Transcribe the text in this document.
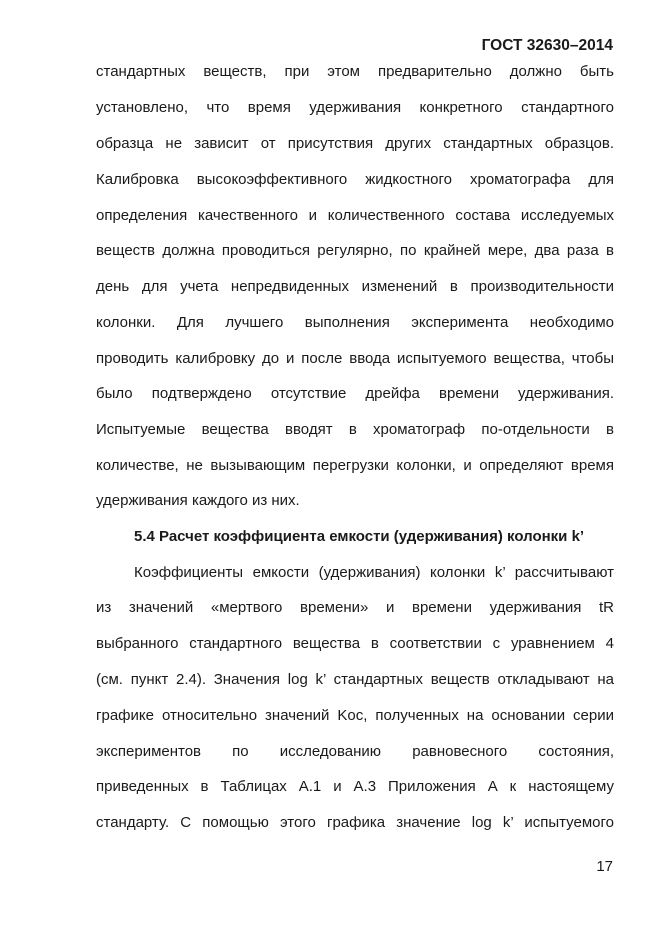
ГОСТ 32630–2014
стандартных веществ, при этом предварительно должно быть
установлено, что время удерживания конкретного стандартного
образца не зависит от присутствия других стандартных образцов.
Калибровка высокоэффективного жидкостного хроматографа для
определения качественного и количественного состава исследуемых
веществ должна проводиться регулярно, по крайней мере, два раза в
день для учета непредвиденных изменений в производительности
колонки. Для лучшего выполнения эксперимента необходимо
проводить калибровку до и после ввода испытуемого вещества, чтобы
было подтверждено отсутствие дрейфа времени удерживания.
Испытуемые вещества вводят в хроматограф по-отдельности в
количестве, не вызывающим перегрузки колонки, и определяют время
удерживания каждого из них.
5.4 Расчет коэффициента емкости (удерживания) колонки k’
Коэффициенты емкости (удерживания) колонки k’ рассчитывают
из значений «мертвого времени» и времени удерживания tR
выбранного стандартного вещества в соответствии с уравнением 4
(см. пункт 2.4). Значения log k’ стандартных веществ откладывают на
графике относительно значений Koc, полученных на основании серии
экспериментов по исследованию равновесного состояния,
приведенных в Таблицах А.1 и А.3 Приложения А к настоящему
стандарту. С помощью этого графика значение log k’ испытуемого
17
